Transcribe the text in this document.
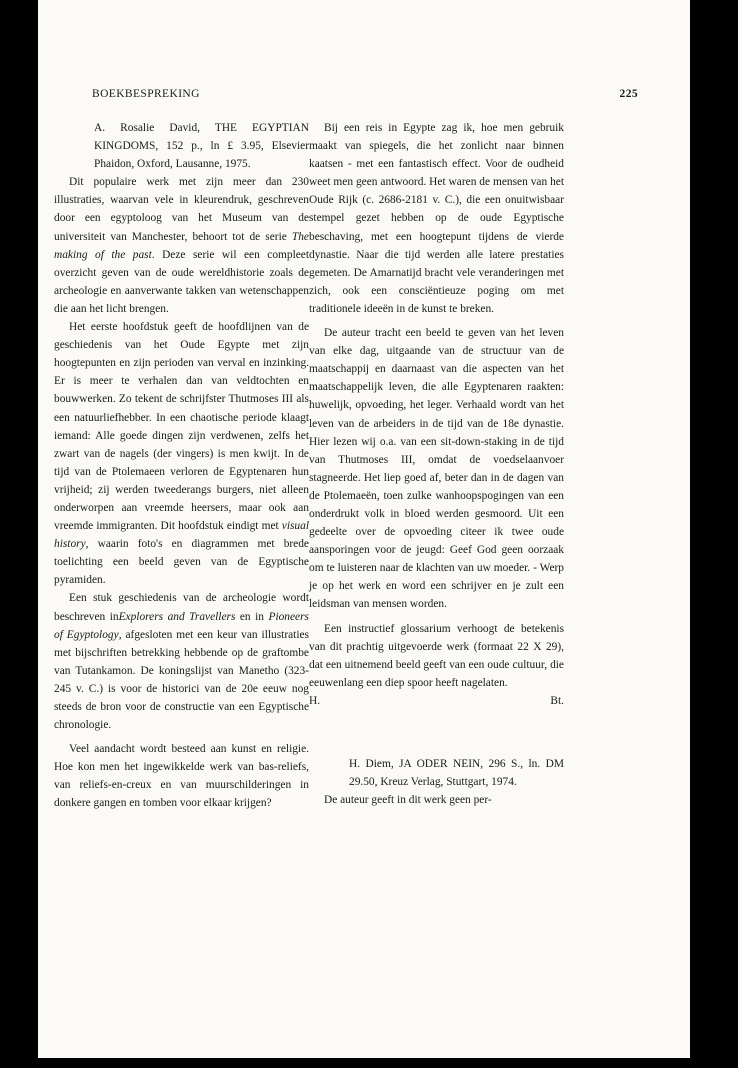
BOEKBESPREKING	225

A. Rosalie David, THE EGYPTIAN KINGDOMS, 152 p., ln £ 3.95, Elsevier Phaidon, Oxford, Lausanne, 1975.

Dit populaire werk met zijn meer dan 230 illustraties, waarvan vele in kleurendruk, geschreven door een egyptoloog van het Museum van de universiteit van Manchester, behoort tot de serie The making of the past. Deze serie wil een compleet overzicht geven van de oude wereldhistorie zoals de archeologie en aanverwante takken van wetenschappen die aan het licht brengen.

Het eerste hoofdstuk geeft de hoofdlijnen van de geschiedenis van het Oude Egypte met zijn hoogtepunten en zijn perioden van verval en inzinking. Er is meer te verhalen dan van veldtochten en bouwwerken. Zo tekent de schrijfster Thutmoses III als een natuurliefhebber. In een chaotische periode klaagt iemand: Alle goede dingen zijn verdwenen, zelfs het zwart van de nagels (der vingers) is men kwijt. In de tijd van de Ptolemaeen verloren de Egyptenaren hun vrijheid; zij werden tweederangs burgers, niet alleen onderworpen aan vreemde heersers, maar ook aan vreemde immigranten. Dit hoofdstuk eindigt met visual history, waarin foto's en diagrammen met brede toelichting een beeld geven van de Egyptische pyramiden.

Een stuk geschiedenis van de archeologie wordt beschreven inExplorers and Travellers en in Pioneers of Egyptology, afgesloten met een keur van illustraties met bijschriften betrekking hebbende op de graftombe van Tutankamon. De koningslijst van Manetho (323-245 v. C.) is voor de historici van de 20e eeuw nog steeds de bron voor de constructie van een Egyptische chronologie.

Veel aandacht wordt besteed aan kunst en religie. Hoe kon men het ingewikkelde werk van bas-reliefs, van reliefs-en-creux en van muurschilderingen in donkere gangen en tomben voor elkaar krijgen?

Bij een reis in Egypte zag ik, hoe men gebruik maakt van spiegels, die het zonlicht naar binnen kaatsen - met een fantastisch effect. Voor de oudheid weet men geen antwoord. Het waren de mensen van het Oude Rijk (c. 2686-2181 v. C.), die een onuitwisbaar stempel gezet hebben op de oude Egyptische beschaving, met een hoogtepunt tijdens de vierde dynastie. Naar die tijd werden alle latere prestaties gemeten. De Amarnatijd bracht vele veranderingen met zich, ook een consciëntieuze poging om met traditionele ideeën in de kunst te breken.

De auteur tracht een beeld te geven van het leven van elke dag, uitgaande van de structuur van de maatschappij en daarnaast van die aspecten van het maatschappelijk leven, die alle Egyptenaren raakten: huwelijk, opvoeding, het leger. Verhaald wordt van het leven van de arbeiders in de tijd van de 18e dynastie. Hier lezen wij o.a. van een sit-down-staking in de tijd van Thutmoses III, omdat de voedselaanvoer stagneerde. Het liep goed af, beter dan in de dagen van de Ptolemaeën, toen zulke wanhoopspogingen van een onderdrukt volk in bloed werden gesmoord. Uit een gedeelte over de opvoeding citeer ik twee oude aansporingen voor de jeugd: Geef God geen oorzaak om te luisteren naar de klachten van uw moeder. - Werp je op het werk en word een schrijver en je zult een leidsman van mensen worden.

Een instructief glossarium verhoogt de betekenis van dit prachtig uitgevoerde werk (formaat 22 X 29), dat een uitnemend beeld geeft van een oude cultuur, die eeuwenlang een diep spoor heeft nagelaten.

H.	Bt.

H. Diem, JA ODER NEIN, 296 S., ln. DM 29.50, Kreuz Verlag, Stuttgart, 1974.

De auteur geeft in dit werk geen per-
